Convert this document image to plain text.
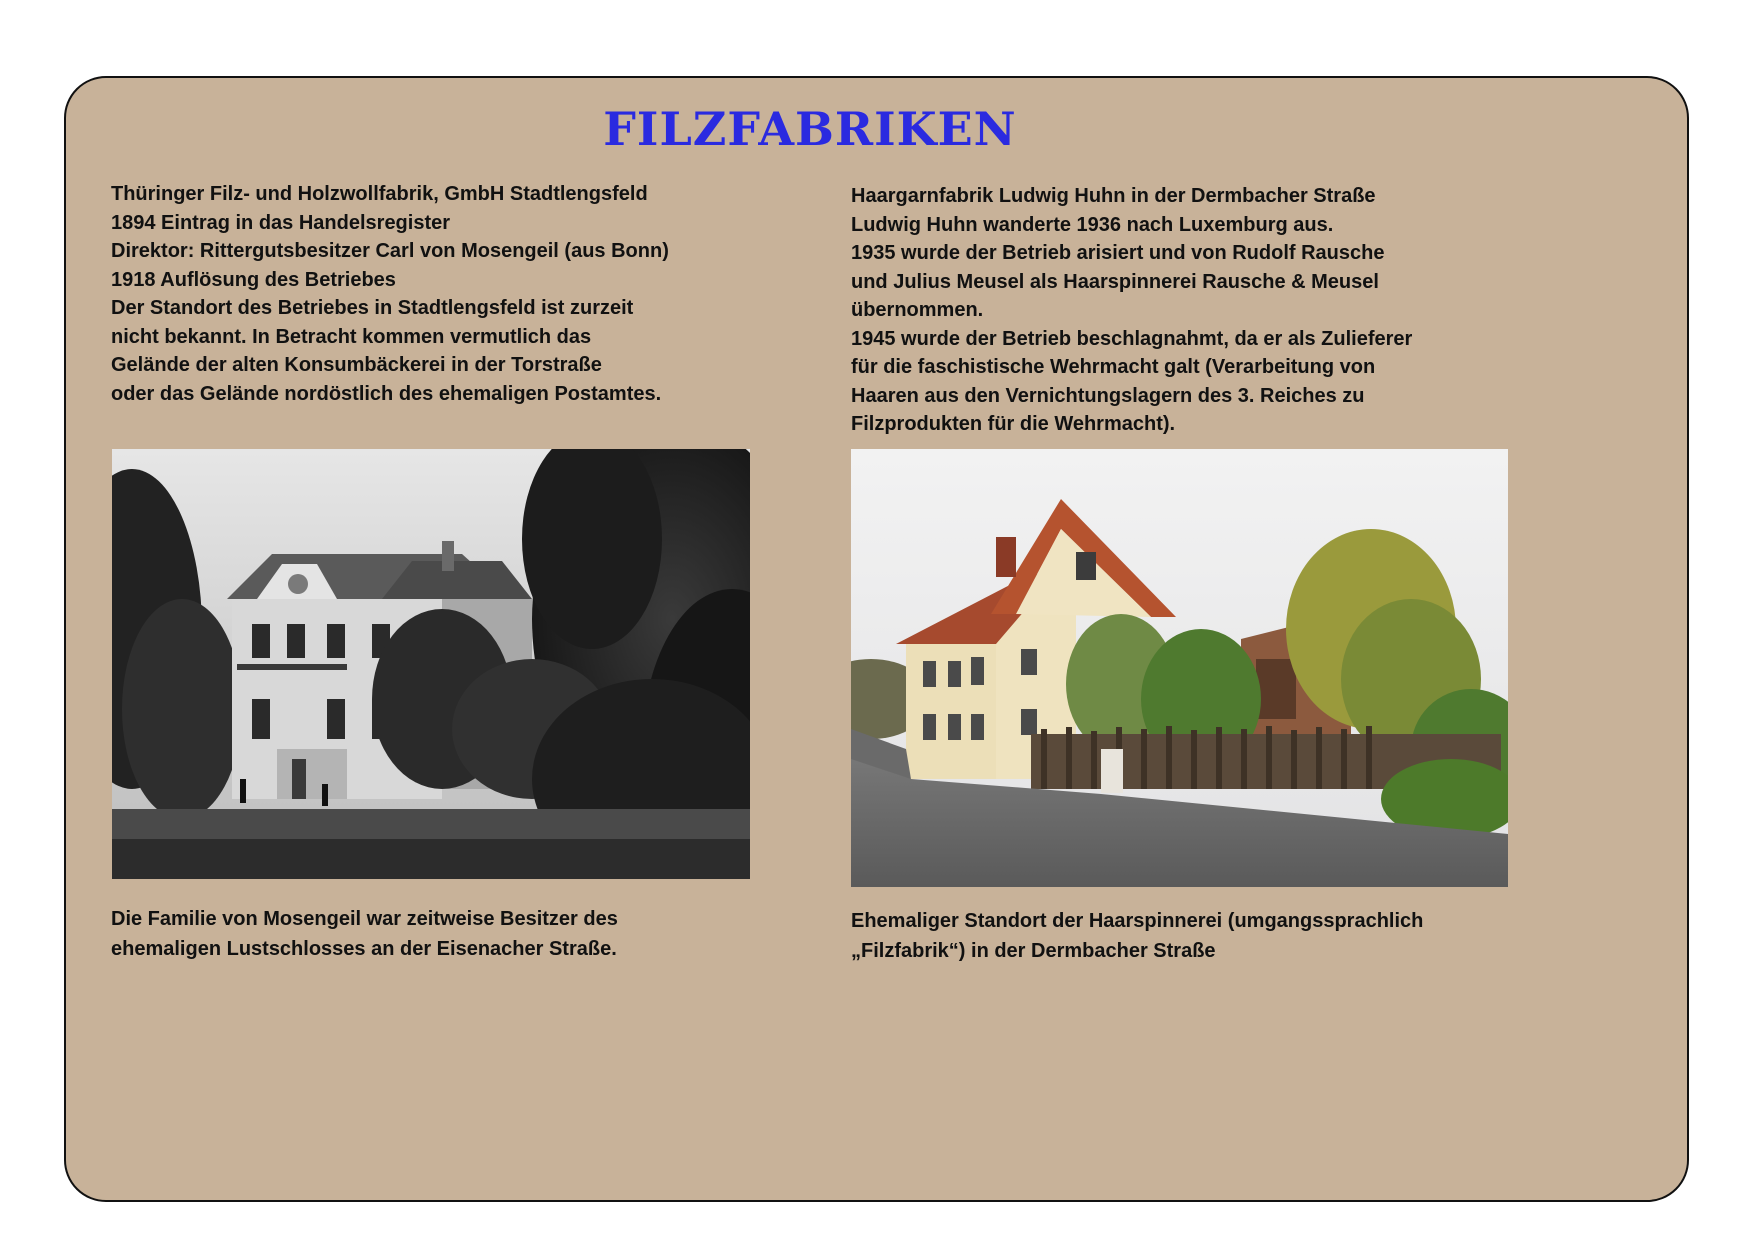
FILZFABRIKEN
Thüringer Filz- und Holzwollfabrik, GmbH Stadtlengsfeld
1894 Eintrag in das Handelsregister
Direktor: Rittergutsbesitzer Carl von Mosengeil (aus Bonn)
1918 Auflösung des Betriebes
Der Standort des Betriebes in Stadtlengsfeld ist zurzeit
nicht bekannt. In Betracht kommen vermutlich das
Gelände der alten Konsumbäckerei in der Torstraße
oder das Gelände nordöstlich des ehemaligen Postamtes.
Haargarnfabrik Ludwig Huhn in der Dermbacher Straße
Ludwig Huhn wanderte 1936 nach Luxemburg aus.
1935 wurde der Betrieb arisiert und von Rudolf Rausche
und Julius Meusel als Haarspinnerei Rausche & Meusel
übernommen.
1945 wurde der Betrieb beschlagnahmt, da er als Zulieferer
für die faschistische Wehrmacht galt (Verarbeitung von
Haaren aus den Vernichtungslagern des 3. Reiches zu
Filzprodukten für die Wehrmacht).
Die Familie von Mosengeil war zeitweise Besitzer des
ehemaligen Lustschlosses an der Eisenacher Straße.
Ehemaliger Standort der Haarspinnerei (umgangssprachlich
„Filzfabrik“) in der Dermbacher Straße
